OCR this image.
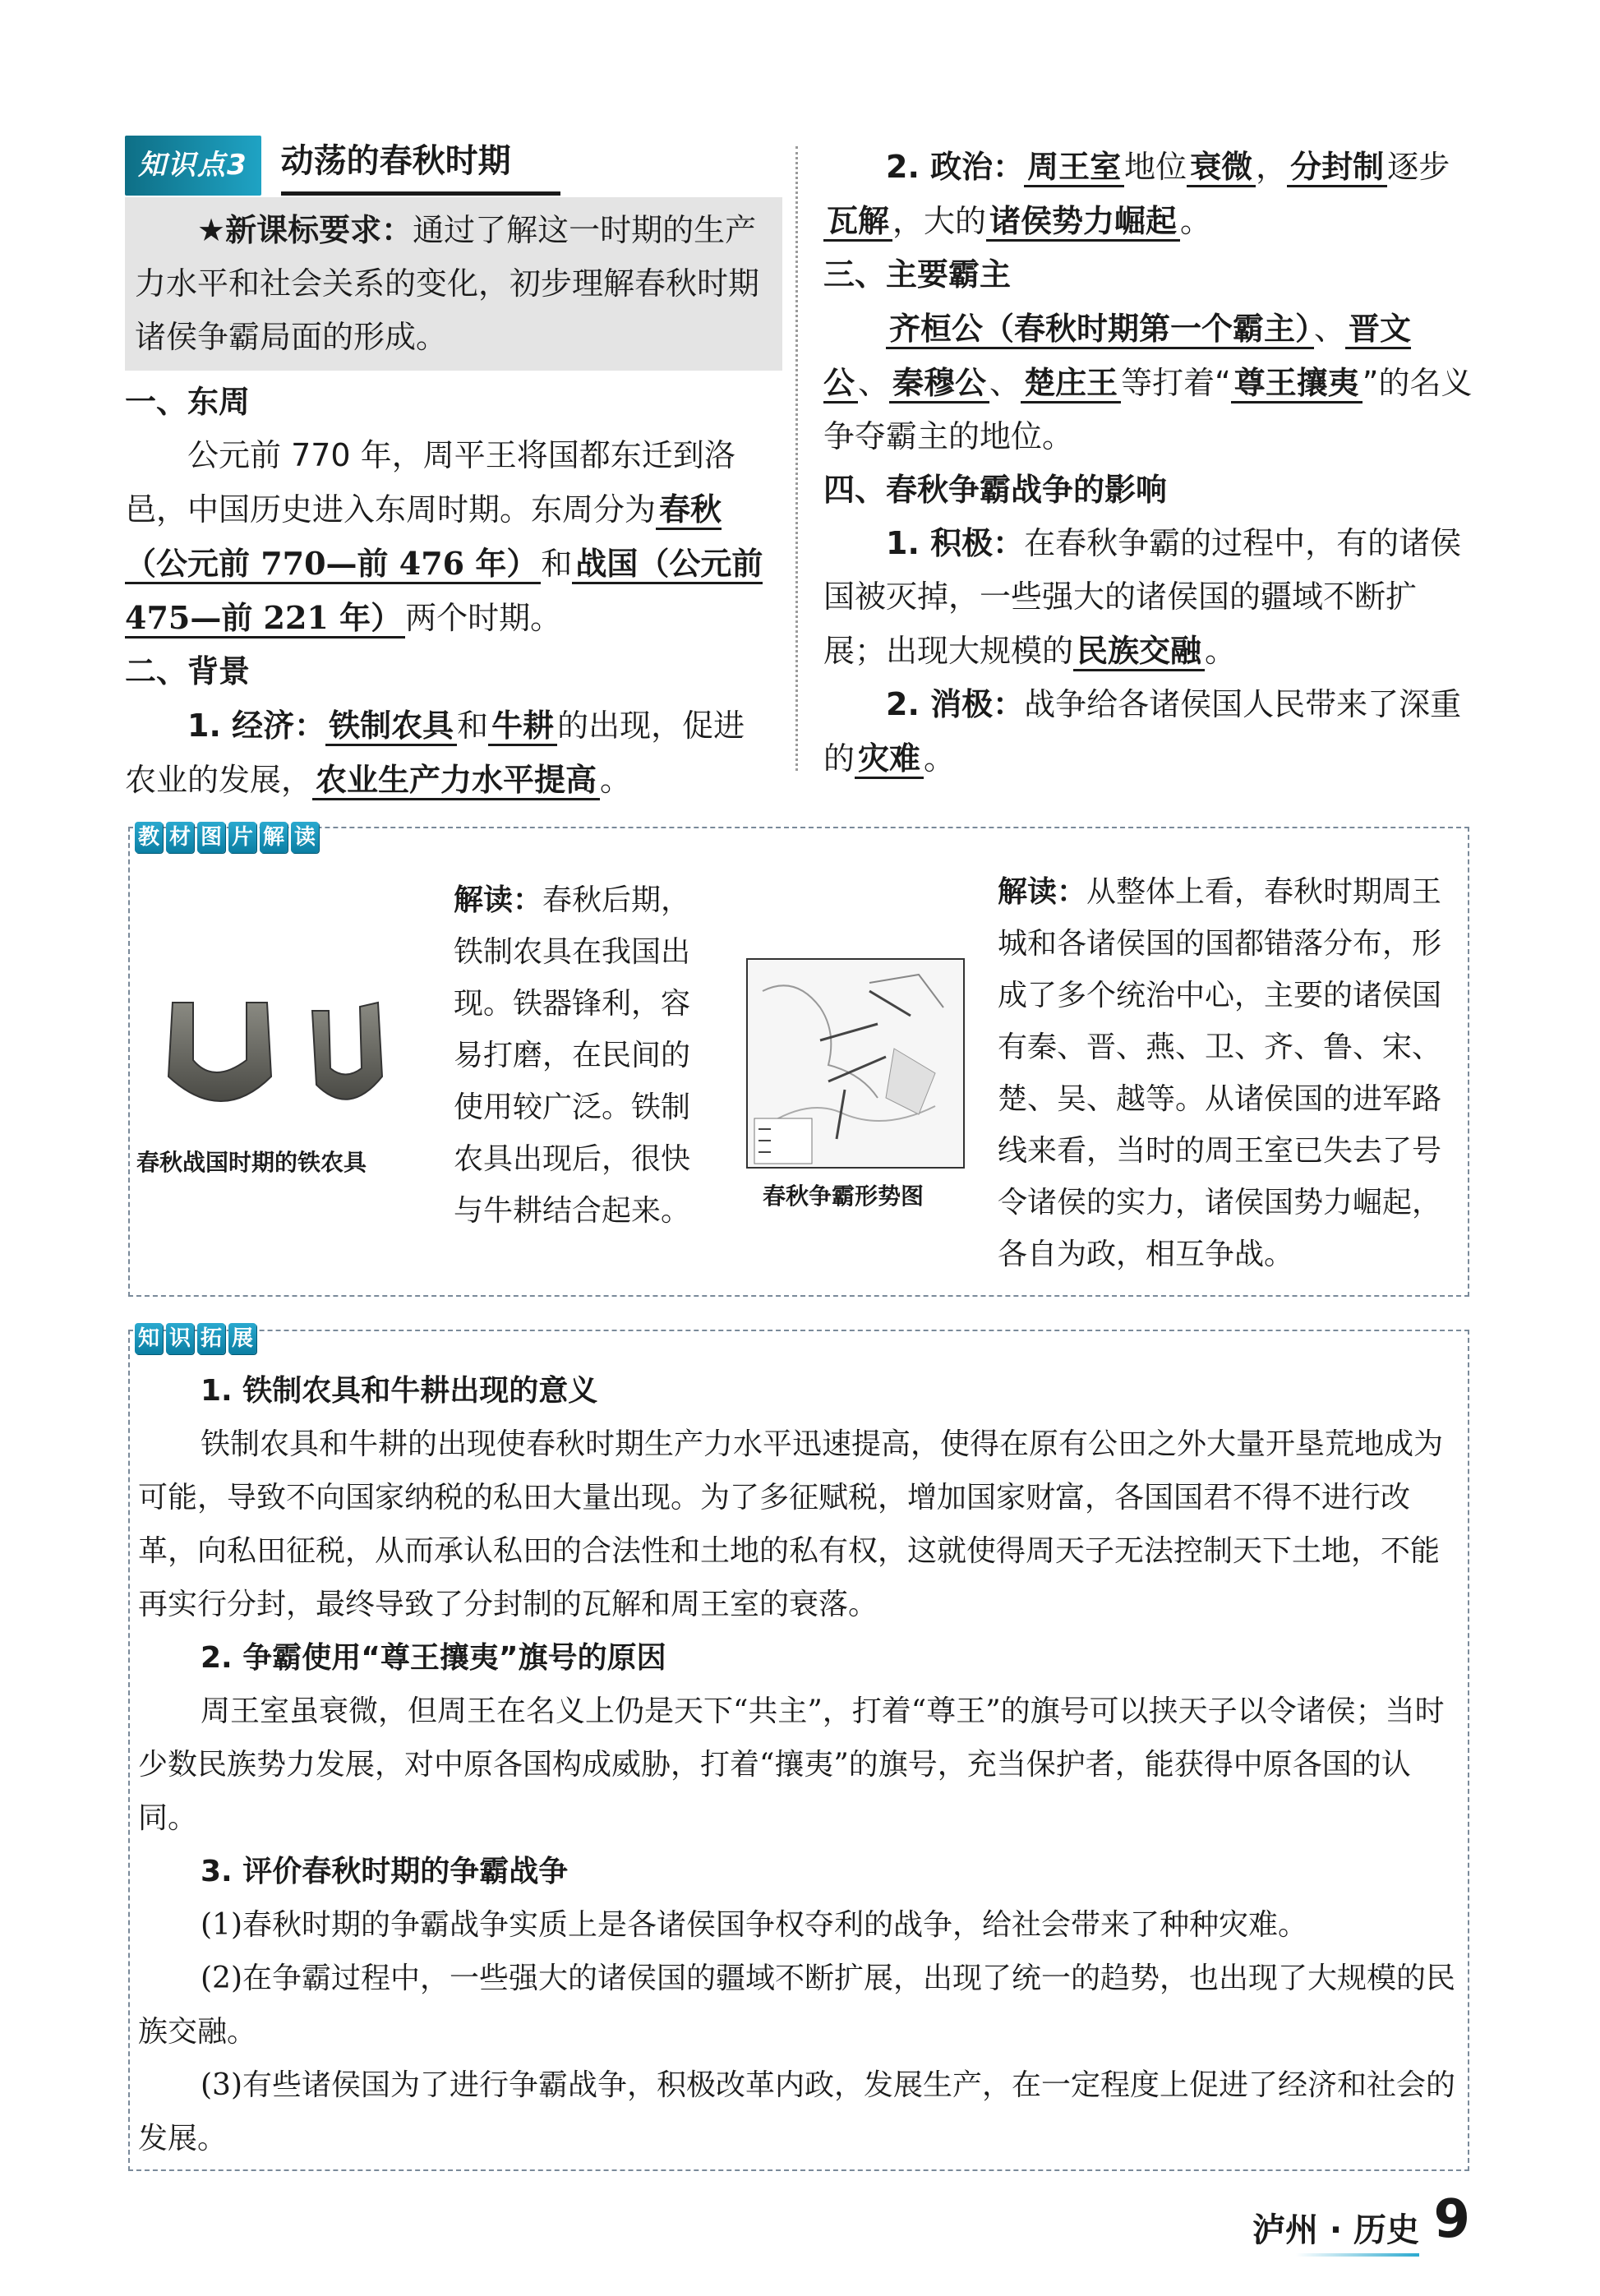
知识点3	动荡的春秋时期

★新课标要求：通过了解这一时期的生产力水平和社会关系的变化，初步理解春秋时期诸侯争霸局面的形成。

一、东周

公元前 770 年，周平王将国都东迁到洛邑，中国历史进入东周时期。东周分为 春秋（公元前 770—前 476 年） 和 战国（公元前 475—前 221 年） 两个时期。

二、背景

1. 经济： 铁制农具 和 牛耕 的出现，促进农业的发展， 农业生产力水平提高 。

2. 政治： 周王室 地位 衰微 ， 分封制 逐步瓦解 ，大的 诸侯势力崛起 。

三、主要霸主

齐桓公（春秋时期第一个霸主） 、 晋文公 、 秦穆公 、 楚庄王 等打着“ 尊王攘夷 ”的名义争夺霸主的地位。

四、春秋争霸战争的影响

1. 积极：在春秋争霸的过程中，有的诸侯国被灭掉，一些强大的诸侯国的疆域不断扩展；出现大规模的 民族交融 。

2. 消极：战争给各诸侯国人民带来了深重的 灾难 。

教 材 图 片 解 读
春秋战国时期的铁农具
解读：春秋后期，铁制农具在我国出现。铁器锋利，容易打磨，在民间的使用较广泛。铁制农具出现后，很快与牛耕结合起来。	春秋争霸形势图
解读：从整体上看，春秋时期周王城和各诸侯国的国都错落分布，形成了多个统治中心，主要的诸侯国有秦、晋、燕、卫、齐、鲁、宋、楚、吴、越等。从诸侯国的进军路线来看，当时的周王室已失去了号令诸侯的实力，诸侯国势力崛起，各自为政，相互争战。
知 识 拓 展

1. 铁制农具和牛耕出现的意义

铁制农具和牛耕的出现使春秋时期生产力水平迅速提高，使得在原有公田之外大量开垦荒地成为可能，导致不向国家纳税的私田大量出现。为了多征赋税，增加国家财富，各国国君不得不进行改革，向私田征税，从而承认私田的合法性和土地的私有权，这就使得周天子无法控制天下土地，不能再实行分封，最终导致了分封制的瓦解和周王室的衰落。

2. 争霸使用“尊王攘夷”旗号的原因

周王室虽衰微，但周王在名义上仍是天下“共主”，打着“尊王”的旗号可以挟天子以令诸侯；当时少数民族势力发展，对中原各国构成威胁，打着“攘夷”的旗号，充当保护者，能获得中原各国的认同。

3. 评价春秋时期的争霸战争

(1)春秋时期的争霸战争实质上是各诸侯国争权夺利的战争，给社会带来了种种灾难。

(2)在争霸过程中，一些强大的诸侯国的疆域不断扩展，出现了统一的趋势，也出现了大规模的民族交融。

(3)有些诸侯国为了进行争霸战争，积极改革内政，发展生产，在一定程度上促进了经济和社会的发展。

泸州 · 历史 9
